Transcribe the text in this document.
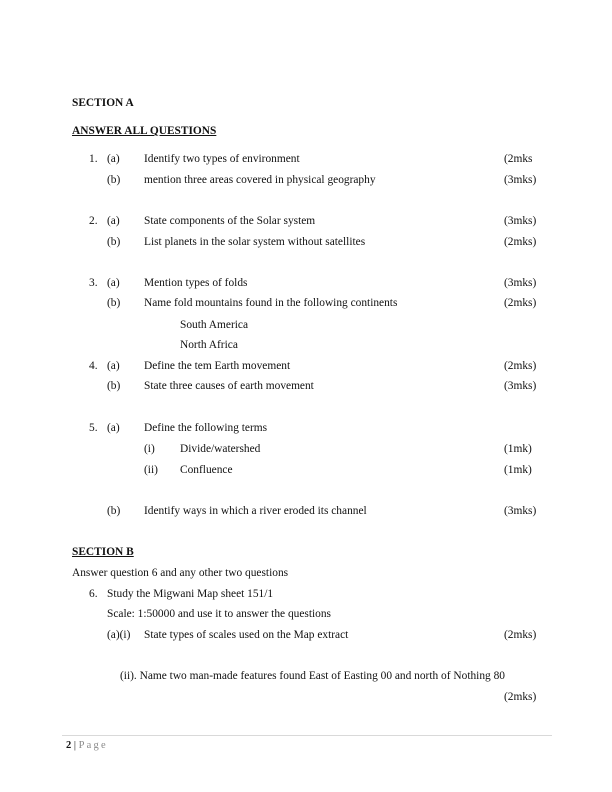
SECTION A
ANSWER ALL QUESTIONS
1. (a) Identify two types of environment	(2mks
(b) mention three areas covered in physical geography	(3mks)
2. (a) State components of the Solar system	(3mks)
(b) List planets in the solar system without satellites	(2mks)
3. (a) Mention types of folds	(3mks)
(b) Name fold mountains found in the following continents	(2mks)
South America
North Africa
4. (a) Define the tem Earth movement	(2mks)
(b) State three causes of earth movement	(3mks)
5. (a) Define the following terms
(i) Divide/watershed	(1mk)
(ii) Confluence	(1mk)
(b) Identify ways in which a river eroded its channel	(3mks)
SECTION B
Answer question 6 and any other two questions
6. Study the Migwani Map sheet 151/1
Scale: 1:50000 and use it to answer the questions
(a)(i) State types of scales used on the Map extract	(2mks)
(ii). Name two man-made features found East of Easting 00 and north of Nothing 80
(2mks)
2 | Page
